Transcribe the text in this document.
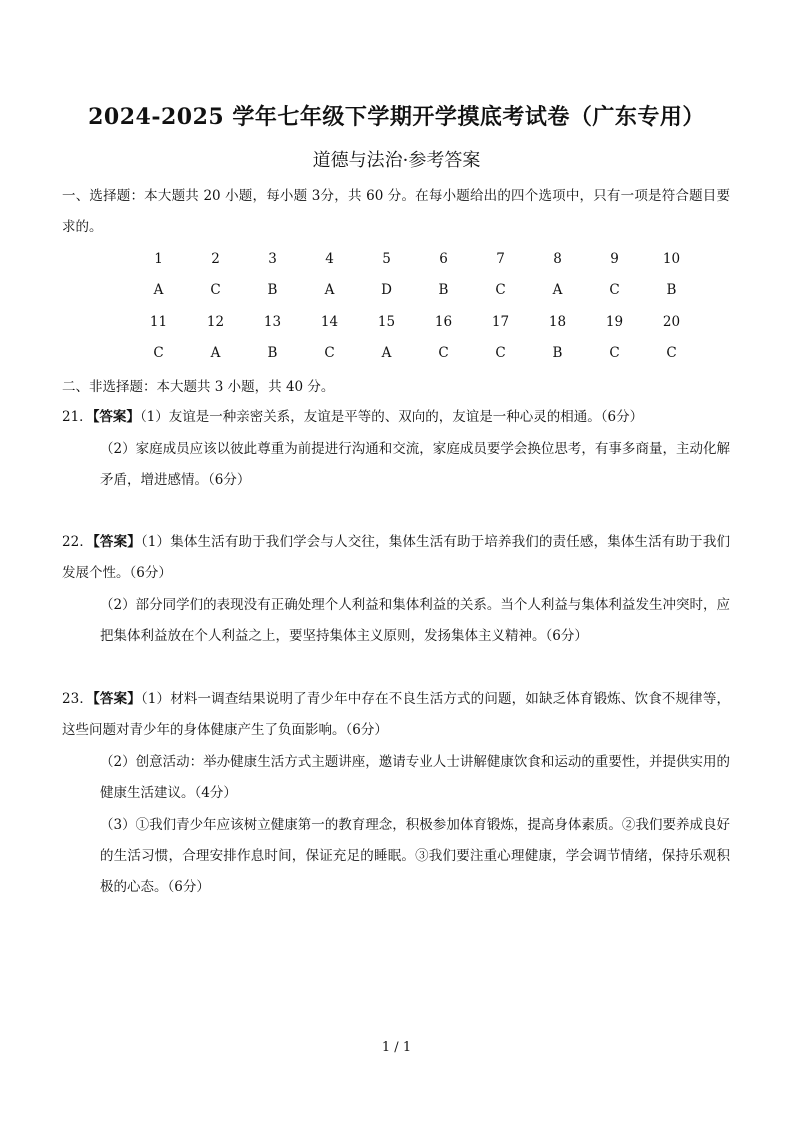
2024-2025 学年七年级下学期开学摸底考试卷（广东专用）
道德与法治·参考答案
一、选择题：本大题共 20 小题，每小题 3分，共 60 分。在每小题给出的四个选项中，只有一项是符合题目要求的。
1	2	3	4	5	6	7	8	9	10
A	C	B	A	D	B	C	A	C	B
11	12	13	14	15	16	17	18	19	20
C	A	B	C	A	C	C	B	C	C
二、非选择题：本大题共 3 小题，共 40 分。
21．【答案】（1）友谊是一种亲密关系，友谊是平等的、双向的，友谊是一种心灵的相通。（6分）
（2）家庭成员应该以彼此尊重为前提进行沟通和交流，家庭成员要学会换位思考，有事多商量，主动化解矛盾，增进感情。（6分）
22．【答案】（1）集体生活有助于我们学会与人交往，集体生活有助于培养我们的责任感，集体生活有助于我们发展个性。（6分）
（2）部分同学们的表现没有正确处理个人利益和集体利益的关系。当个人利益与集体利益发生冲突时，应把集体利益放在个人利益之上，要坚持集体主义原则，发扬集体主义精神。（6分）
23．【答案】（1）材料一调查结果说明了青少年中存在不良生活方式的问题，如缺乏体育锻炼、饮食不规律等，这些问题对青少年的身体健康产生了负面影响。（6分）
（2）创意活动：举办健康生活方式主题讲座，邀请专业人士讲解健康饮食和运动的重要性，并提供实用的健康生活建议。（4分）
（3）①我们青少年应该树立健康第一的教育理念，积极参加体育锻炼，提高身体素质。②我们要养成良好的生活习惯，合理安排作息时间，保证充足的睡眠。③我们要注重心理健康，学会调节情绪，保持乐观积极的心态。（6分）
1 / 1
